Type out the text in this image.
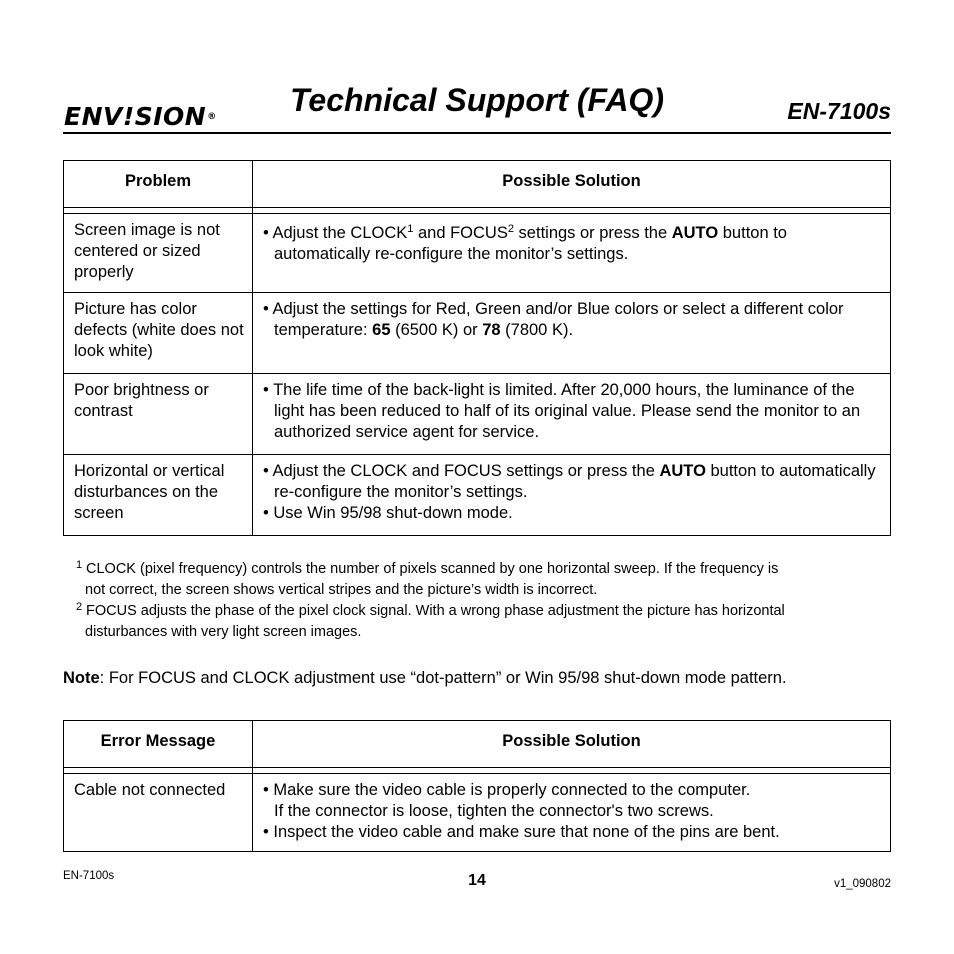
ENV!SION®	Technical Support (FAQ)	EN-7100s
Problem	Possible Solution

Screen image is not centered or sized properly	• Adjust the CLOCK$^1$ and FOCUS$^2$ settings or press the AUTO button to automatically re-configure the monitor’s settings.

Picture has color defects (white does not look white)	• Adjust the settings for Red, Green and/or Blue colors or select a different color temperature: 65 (6500 K) or 78 (7800 K).

Poor brightness or contrast	• The life time of the back-light is limited. After 20,000 hours, the luminance of the light has been reduced to half of its original value. Please send the monitor to an authorized service agent for service.

Horizontal or vertical disturbances on the screen	• Adjust the CLOCK and FOCUS settings or press the AUTO button to automatically re-configure the monitor’s settings.
• Use Win 95/98 shut-down mode.
1 CLOCK (pixel frequency) controls the number of pixels scanned by one horizontal sweep. If the frequency is
not correct, the screen shows vertical stripes and the picture’s width is incorrect.
2 FOCUS adjusts the phase of the pixel clock signal. With a wrong phase adjustment the picture has horizontal
disturbances with very light screen images.
Note: For FOCUS and CLOCK adjustment use “dot-pattern” or Win 95/98 shut-down mode pattern.
Error Message	Possible Solution

Cable not connected	• Make sure the video cable is properly connected to the computer.
If the connector is loose, tighten the connector's two screws.
• Inspect the video cable and make sure that none of the pins are bent.
EN-7100s	14	v1_090802
